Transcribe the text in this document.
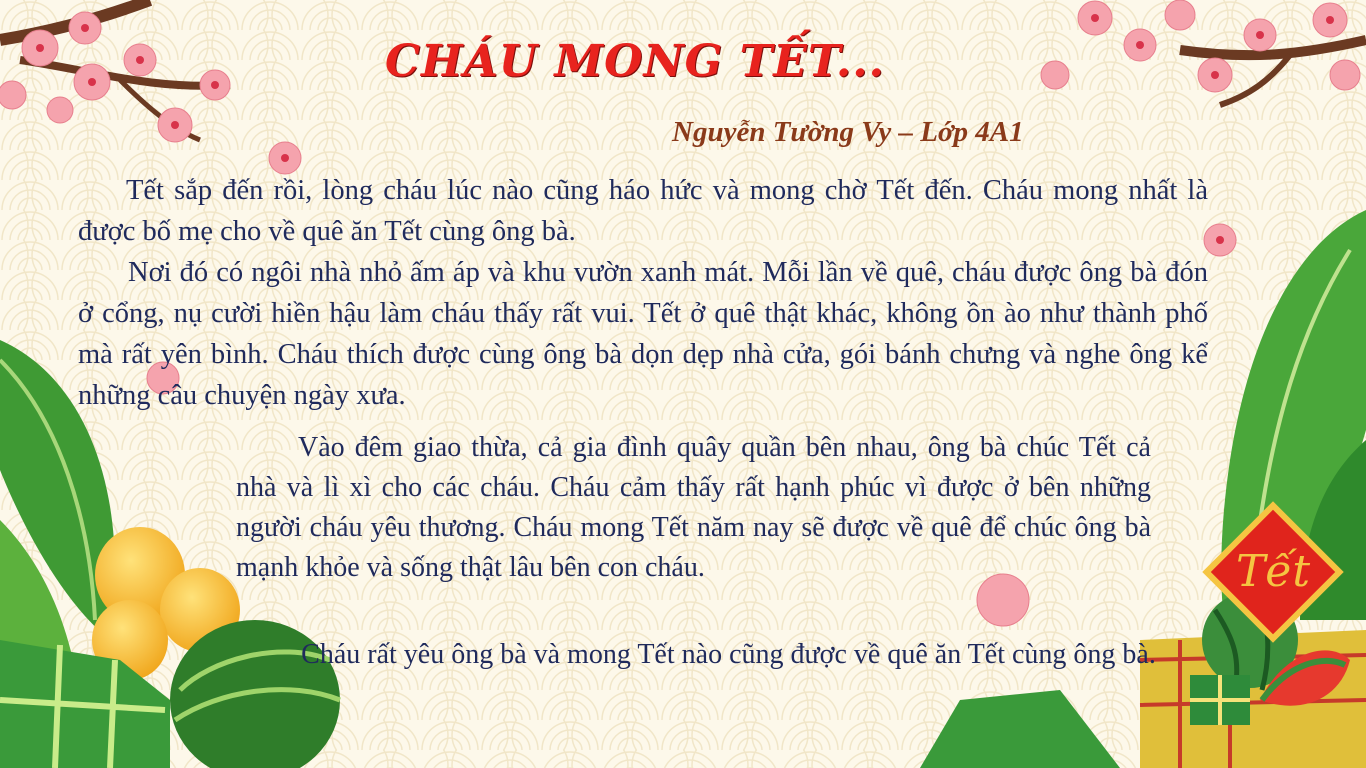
CHÁU MONG TẾT...

Nguyễn Tường Vy – Lớp 4A1

Tết sắp đến rồi, lòng cháu lúc nào cũng háo hức và mong chờ Tết đến. Cháu mong nhất là được bố mẹ cho về quê ăn Tết cùng ông bà.

Nơi đó có ngôi nhà nhỏ ấm áp và khu vườn xanh mát. Mỗi lần về quê, cháu được ông bà đón ở cổng, nụ cười hiền hậu làm cháu thấy rất vui. Tết ở quê thật khác, không ồn ào như thành phố mà rất yên bình. Cháu thích được cùng ông bà dọn dẹp nhà cửa, gói bánh chưng và nghe ông kể những câu chuyện ngày xưa.

Vào đêm giao thừa, cả gia đình quây quần bên nhau, ông bà chúc Tết cả nhà và lì xì cho các cháu. Cháu cảm thấy rất hạnh phúc vì được ở bên những người cháu yêu thương. Cháu mong Tết năm nay sẽ được về quê để chúc ông bà mạnh khỏe và sống thật lâu bên con cháu.

Cháu rất yêu ông bà và mong Tết nào cũng được về quê ăn Tết cùng ông bà.

Tết
